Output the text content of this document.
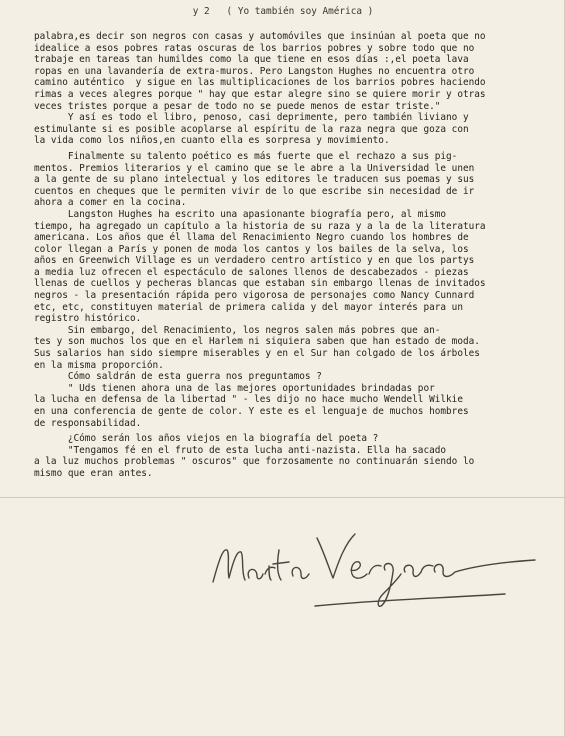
y 2   ( Yo también soy América )
palabra,es decir son negros con casas y automóviles que insinúan al poeta que no
idealice a esos pobres ratas oscuras de los barrios pobres y sobre todo que no
trabaje en tareas tan humildes como la que tiene en esos días :,el poeta lava
ropas en una lavandería de extra-muros. Pero Langston Hughes no encuentra otro
camino auténtico  y sigue en las multiplicaciones de los barrios pobres haciendo
rimas a veces alegres porque " hay que estar alegre sino se quiere morir y otras
veces tristes porque a pesar de todo no se puede menos de estar triste."
Y así es todo el libro, penoso, casi deprimente, pero también liviano y
estimulante si es posible acoplarse al espíritu de la raza negra que goza con
la vida como los niños,en cuanto ella es sorpresa y movimiento.
Finalmente su talento poético es más fuerte que el rechazo a sus pig-
mentos. Premios literarios y el camino que se le abre a la Universidad le unen
a la gente de su plano intelectual y los editores le traducen sus poemas y sus
cuentos en cheques que le permiten vivir de lo que escribe sin necesidad de ir
ahora a comer en la cocina.
Langston Hughes ha escrito una apasionante biografía pero, al mismo
tiempo, ha agregado un capítulo a la historia de su raza y a la de la literatura
americana. Los años que él llama del Renacimiento Negro cuando los hombres de
color llegan a París y ponen de moda los cantos y los bailes de la selva, los
años en Greenwich Village es un verdadero centro artístico y en que los partys
a media luz ofrecen el espectáculo de salones llenos de descabezados - piezas
llenas de cuellos y pecheras blancas que estaban sin embargo llenas de invitados
negros - la presentación rápida pero vigorosa de personajes como Nancy Cunnard
etc, etc, constituyen material de primera calida y del mayor interés para un
registro histórico.
Sin embargo, del Renacimiento, los negros salen más pobres que an-
tes y son muchos los que en el Harlem ni siquiera saben que han estado de moda.
Sus salarios han sido siempre miserables y en el Sur han colgado de los árboles
en la misma proporción.
Cómo saldrán de esta guerra nos preguntamos ?
" Uds tienen ahora una de las mejores oportunidades brindadas por
la lucha en defensa de la libertad " - les dijo no hace mucho Wendell Wilkie
en una conferencia de gente de color. Y este es el lenguaje de muchos hombres
de responsabilidad.
¿Cómo serán los años viejos en la biografía del poeta ?
"Tengamos fé en el fruto de esta lucha anti-nazista. Ella ha sacado
a la luz muchos problemas " oscuros" que forzosamente no continuarán siendo lo
mismo que eran antes.
